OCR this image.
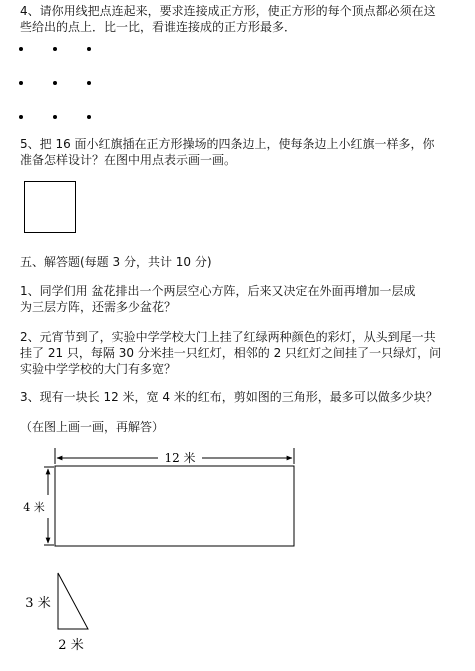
4、请你用线把点连起来，要求连接成正方形，使正方形的每个顶点都必须在这
些给出的点上．比一比，看谁连接成的正方形最多．
5、把 16 面小红旗插在正方形操场的四条边上，使每条边上小红旗一样多，你
准备怎样设计？在图中用点表示画一画。
五、解答题(每题 3 分，共计 10 分)
1、同学们用 盆花排出一个两层空心方阵，后来又决定在外面再增加一层成
为三层方阵，还需多少盆花？
2、元宵节到了，实验中学学校大门上挂了红绿两种颜色的彩灯，从头到尾一共
挂了 21 只，每隔 30 分米挂一只红灯，相邻的 2 只红灯之间挂了一只绿灯，问
实验中学学校的大门有多宽？
3、现有一块长 12 米，宽 4 米的红布，剪如图的三角形，最多可以做多少块？
（在图上画一画，再解答）
12 米
4 米
3 米
2 米
